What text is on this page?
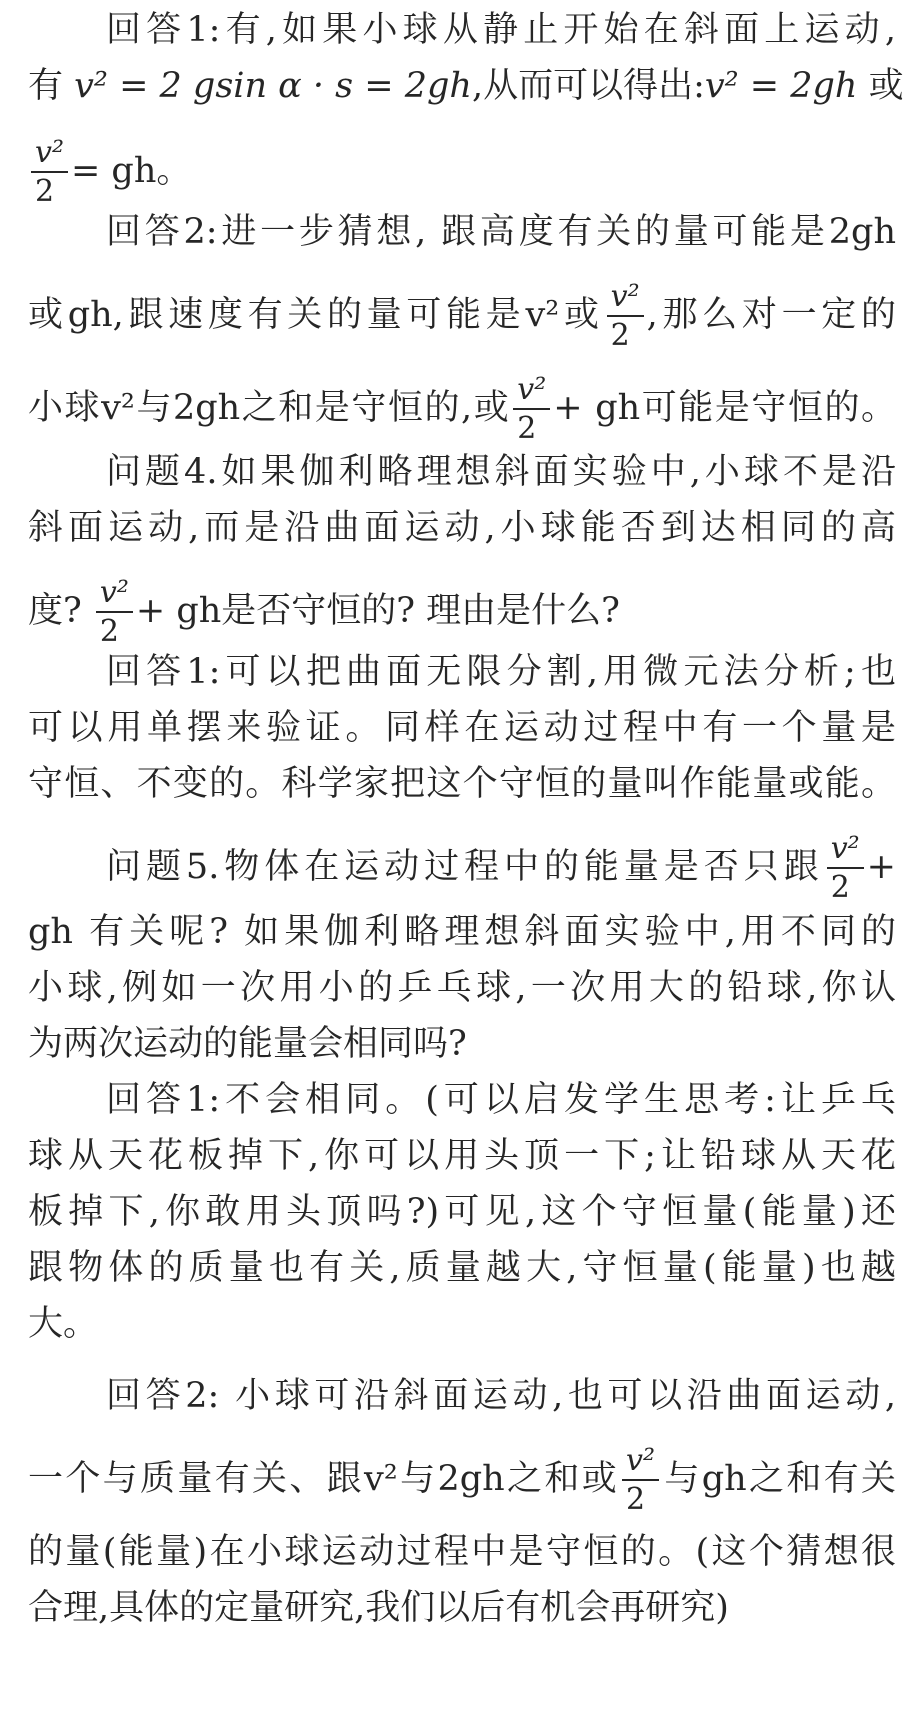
回答1:有,如果小球从静止开始在斜面上运动,
有 v² = 2 gsin α · s = 2gh,从而可以得出:v² = 2gh 或
$\frac{\text{v²}}{2}$ = gh。
回答2:进一步猜想, 跟高度有关的量可能是2gh
或gh,跟速度有关的量可能是v²或 $\frac{\text{v²}}{2}$ ,那么对一定的
小球v²与2gh之和是守恒的,或 $\frac{\text{v²}}{2}$ + gh可能是守恒的。
问题4.如果伽利略理想斜面实验中,小球不是沿
斜面运动,而是沿曲面运动,小球能否到达相同的高
度? $\frac{\text{v²}}{2}$ + gh是否守恒的? 理由是什么?
回答1:可以把曲面无限分割,用微元法分析;也
可以用单摆来验证。同样在运动过程中有一个量是
守恒、不变的。科学家把这个守恒的量叫作能量或能。
问题5.物体在运动过程中的能量是否只跟 $\frac{\text{v²}}{2}$ +
gh 有关呢? 如果伽利略理想斜面实验中,用不同的
小球,例如一次用小的乒乓球,一次用大的铅球,你认
为两次运动的能量会相同吗?
回答1:不会相同。(可以启发学生思考:让乒乓
球从天花板掉下,你可以用头顶一下;让铅球从天花
板掉下,你敢用头顶吗?)可见,这个守恒量(能量)还
跟物体的质量也有关,质量越大,守恒量(能量)也越
大。
回答2: 小球可沿斜面运动,也可以沿曲面运动,
一个与质量有关、跟v²与2gh之和或 $\frac{\text{v²}}{2}$ 与gh之和有关
的量(能量)在小球运动过程中是守恒的。(这个猜想很
合理,具体的定量研究,我们以后有机会再研究)
